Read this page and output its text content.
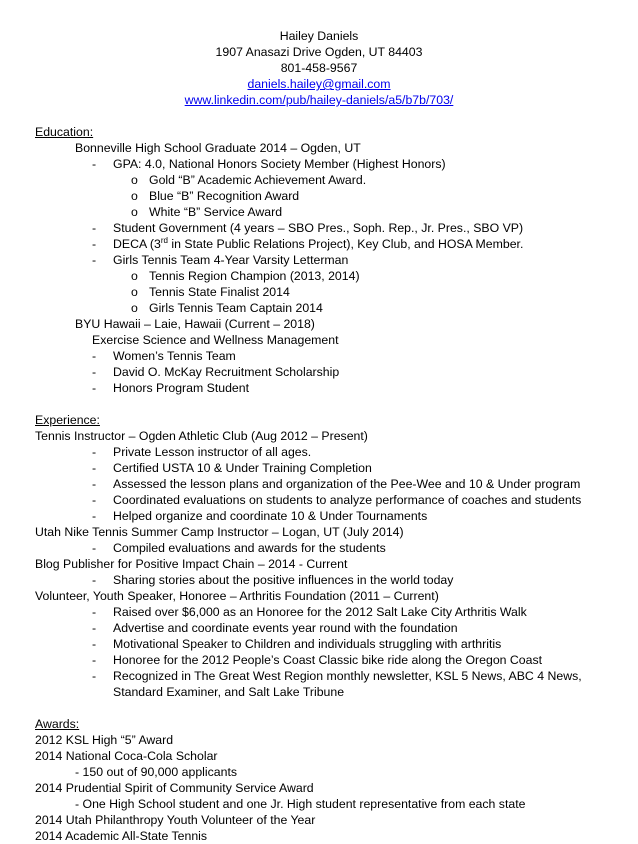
Hailey Daniels
1907 Anasazi Drive Ogden, UT 84403
801-458-9567
daniels.hailey@gmail.com
www.linkedin.com/pub/hailey-daniels/a5/b7b/703/
Education:
Bonneville High School Graduate 2014 – Ogden, UT
- GPA: 4.0, National Honors Society Member (Highest Honors)
o Gold “B” Academic Achievement Award.
o Blue “B” Recognition Award
o White “B” Service Award
- Student Government (4 years – SBO Pres., Soph. Rep., Jr. Pres., SBO VP)
- DECA (3rd in State Public Relations Project), Key Club, and HOSA Member.
- Girls Tennis Team 4-Year Varsity Letterman
o Tennis Region Champion (2013, 2014)
o Tennis State Finalist 2014
o Girls Tennis Team Captain 2014
BYU Hawaii – Laie, Hawaii (Current – 2018)
Exercise Science and Wellness Management
- Women’s Tennis Team
- David O. McKay Recruitment Scholarship
- Honors Program Student
Experience:
Tennis Instructor – Ogden Athletic Club (Aug 2012 – Present)
- Private Lesson instructor of all ages.
- Certified USTA 10 & Under Training Completion
- Assessed the lesson plans and organization of the Pee-Wee and 10 & Under program
- Coordinated evaluations on students to analyze performance of coaches and students
- Helped organize and coordinate 10 & Under Tournaments
Utah Nike Tennis Summer Camp Instructor – Logan, UT (July 2014)
- Compiled evaluations and awards for the students
Blog Publisher for Positive Impact Chain – 2014 - Current
- Sharing stories about the positive influences in the world today
Volunteer, Youth Speaker, Honoree – Arthritis Foundation (2011 – Current)
- Raised over $6,000 as an Honoree for the 2012 Salt Lake City Arthritis Walk
- Advertise and coordinate events year round with the foundation
- Motivational Speaker to Children and individuals struggling with arthritis
- Honoree for the 2012 People’s Coast Classic bike ride along the Oregon Coast
- Recognized in The Great West Region monthly newsletter, KSL 5 News, ABC 4 News,
Standard Examiner, and Salt Lake Tribune
Awards:
2012 KSL High “5” Award
2014 National Coca-Cola Scholar
- 150 out of 90,000 applicants
2014 Prudential Spirit of Community Service Award
- One High School student and one Jr. High student representative from each state
2014 Utah Philanthropy Youth Volunteer of the Year
2014 Academic All-State Tennis
